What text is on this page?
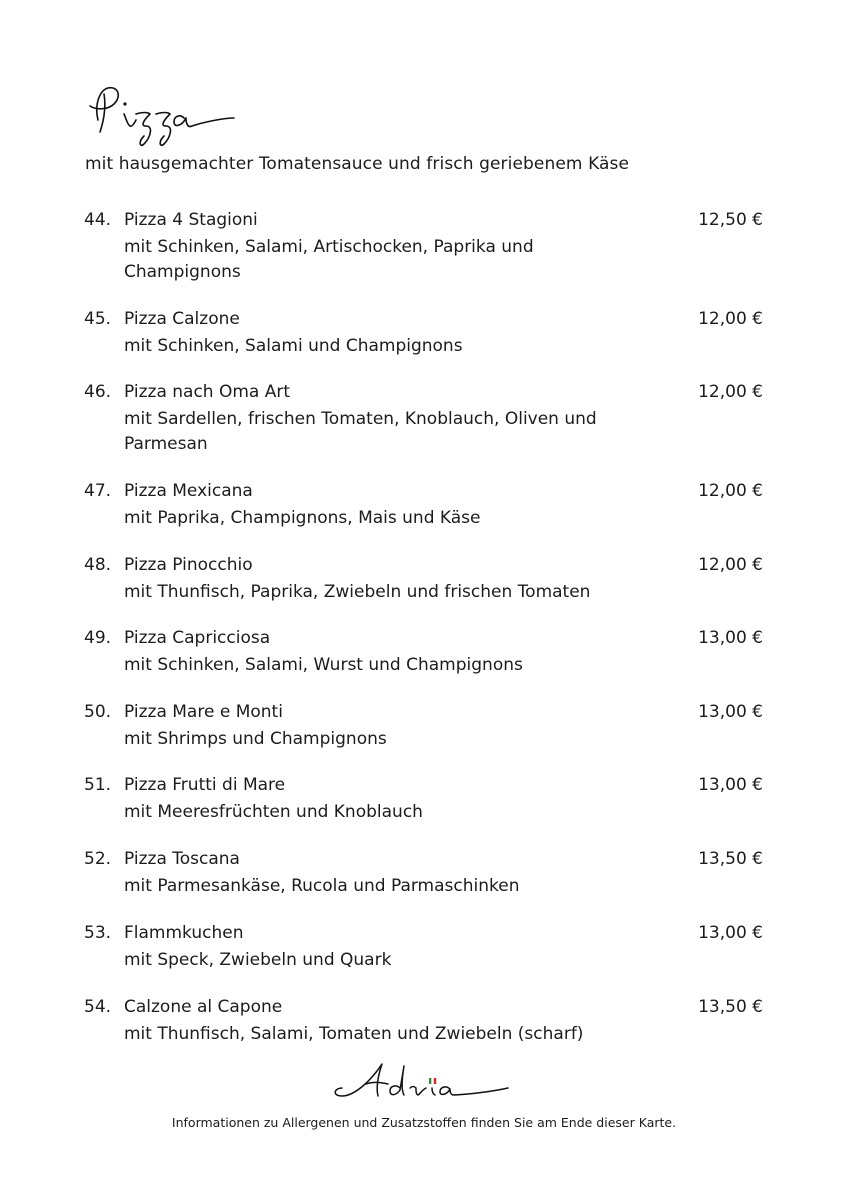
mit hausgemachter Tomatensauce und frisch geriebenem Käse
44. Pizza 4 Stagioni	12,50 €
mit Schinken, Salami, Artischocken, Paprika und Champignons
45. Pizza Calzone	12,00 €
mit Schinken, Salami und Champignons
46. Pizza nach Oma Art	12,00 €
mit Sardellen, frischen Tomaten, Knoblauch, Oliven und Parmesan
47. Pizza Mexicana	12,00 €
mit Paprika, Champignons, Mais und Käse
48. Pizza Pinocchio	12,00 €
mit Thunfisch, Paprika, Zwiebeln und frischen Tomaten
49. Pizza Capricciosa	13,00 €
mit Schinken, Salami, Wurst und Champignons
50. Pizza Mare e Monti	13,00 €
mit Shrimps und Champignons
51. Pizza Frutti di Mare	13,00 €
mit Meeresfrüchten und Knoblauch
52. Pizza Toscana	13,50 €
mit Parmesankäse, Rucola und Parmaschinken
53. Flammkuchen	13,00 €
mit Speck, Zwiebeln und Quark
54. Calzone al Capone	13,50 €
mit Thunfisch, Salami, Tomaten und Zwiebeln (scharf)
Informationen zu Allergenen und Zusatzstoffen finden Sie am Ende dieser Karte.
